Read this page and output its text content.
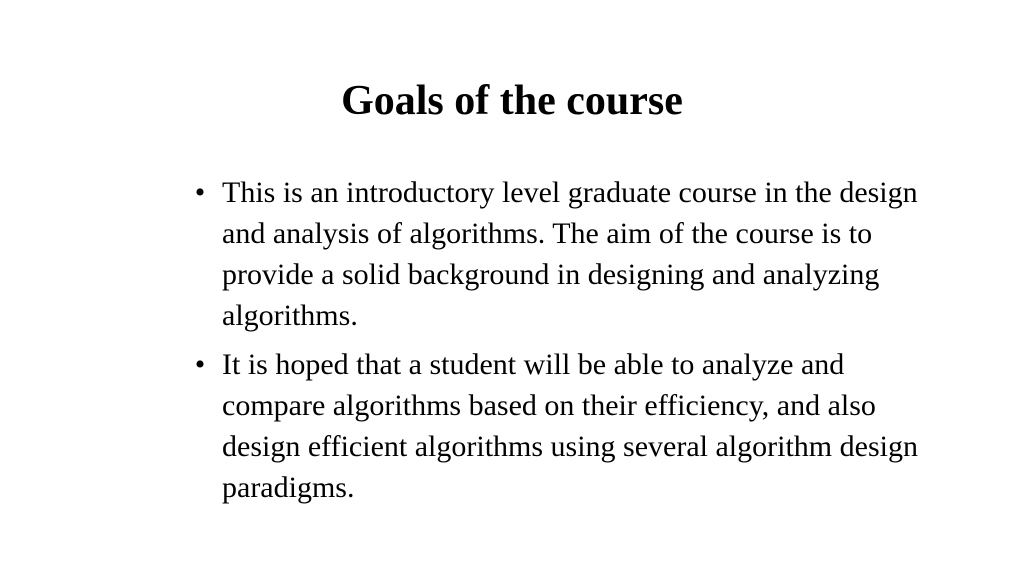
Goals of the course
• This is an introductory level graduate course in the design and analysis of algorithms. The aim of the course is to provide a solid background in designing and analyzing algorithms.
• It is hoped that a student will be able to analyze and compare algorithms based on their efficiency, and also design efficient algorithms using several algorithm design paradigms.
